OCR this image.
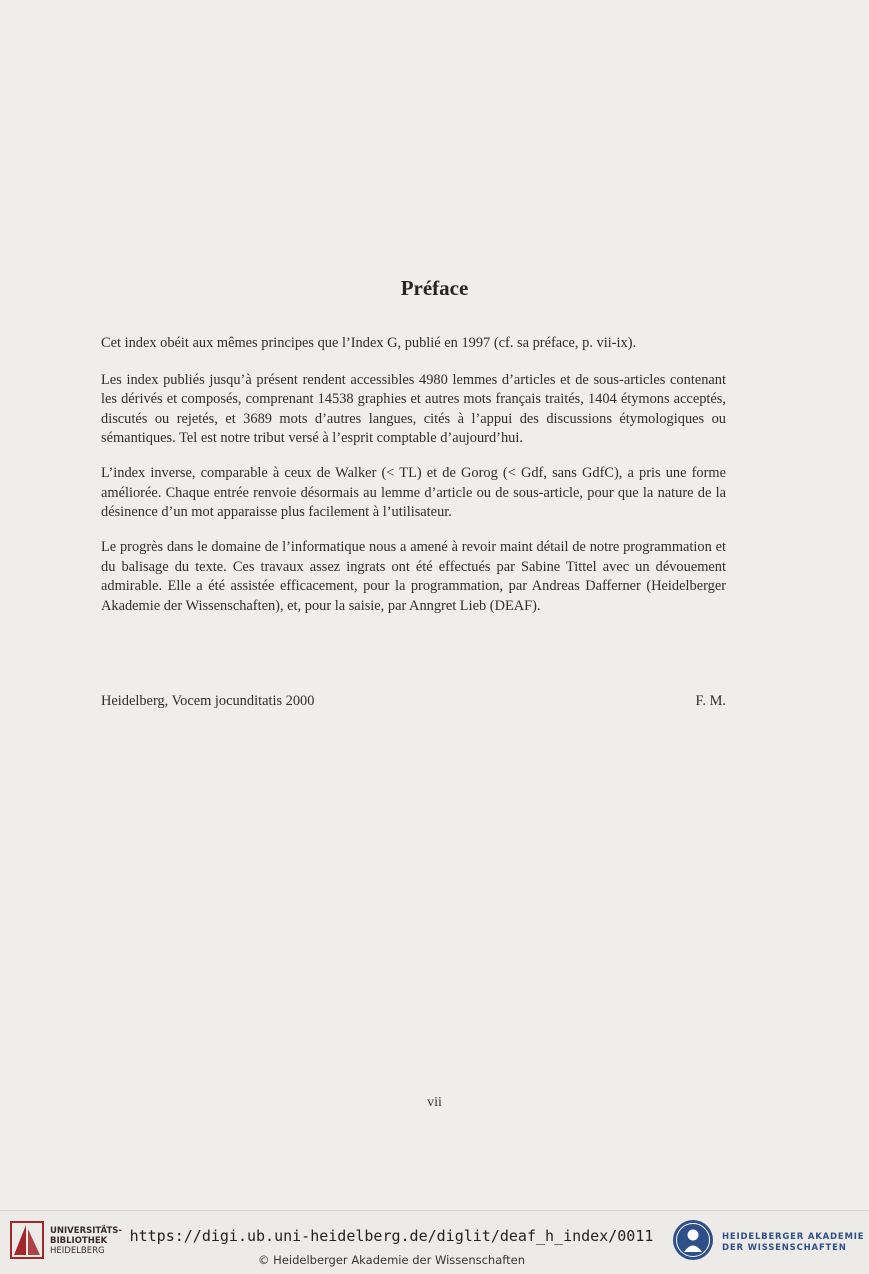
Préface

Cet index obéit aux mêmes principes que l’Index G, publié en 1997 (cf. sa préface, p. vii-ix).

Les index publiés jusqu’à présent rendent accessibles 4980 lemmes d’articles et de sous-articles contenant les dérivés et composés, comprenant 14538 graphies et autres mots français traités, 1404 étymons acceptés, discutés ou rejetés, et 3689 mots d’autres langues, cités à l’appui des discussions étymologiques ou sémantiques. Tel est notre tribut versé à l’esprit comptable d’aujourd’hui.

L’index inverse, comparable à ceux de Walker (< TL) et de Gorog (< Gdf, sans GdfC), a pris une forme améliorée. Chaque entrée renvoie désormais au lemme d’article ou de sous-article, pour que la nature de la désinence d’un mot apparaisse plus facilement à l’utilisateur.

Le progrès dans le domaine de l’informatique nous a amené à revoir maint détail de notre programmation et du balisage du texte. Ces travaux assez ingrats ont été effectués par Sabine Tittel avec un dévouement admirable. Elle a été assistée efficacement, pour la programmation, par Andreas Dafferner (Heidelberger Akademie der Wissenschaften), et, pour la saisie, par Anngret Lieb (DEAF).

Heidelberg, Vocem jocunditatis 2000	F. M.
vii
UNIVERSITÄTS-
BIBLIOTHEK
HEIDELBERG
https://digi.ub.uni-heidelberg.de/diglit/deaf_h_index/0011
© Heidelberger Akademie der Wissenschaften
HEIDELBERGER AKADEMIE
DER WISSENSCHAFTEN
